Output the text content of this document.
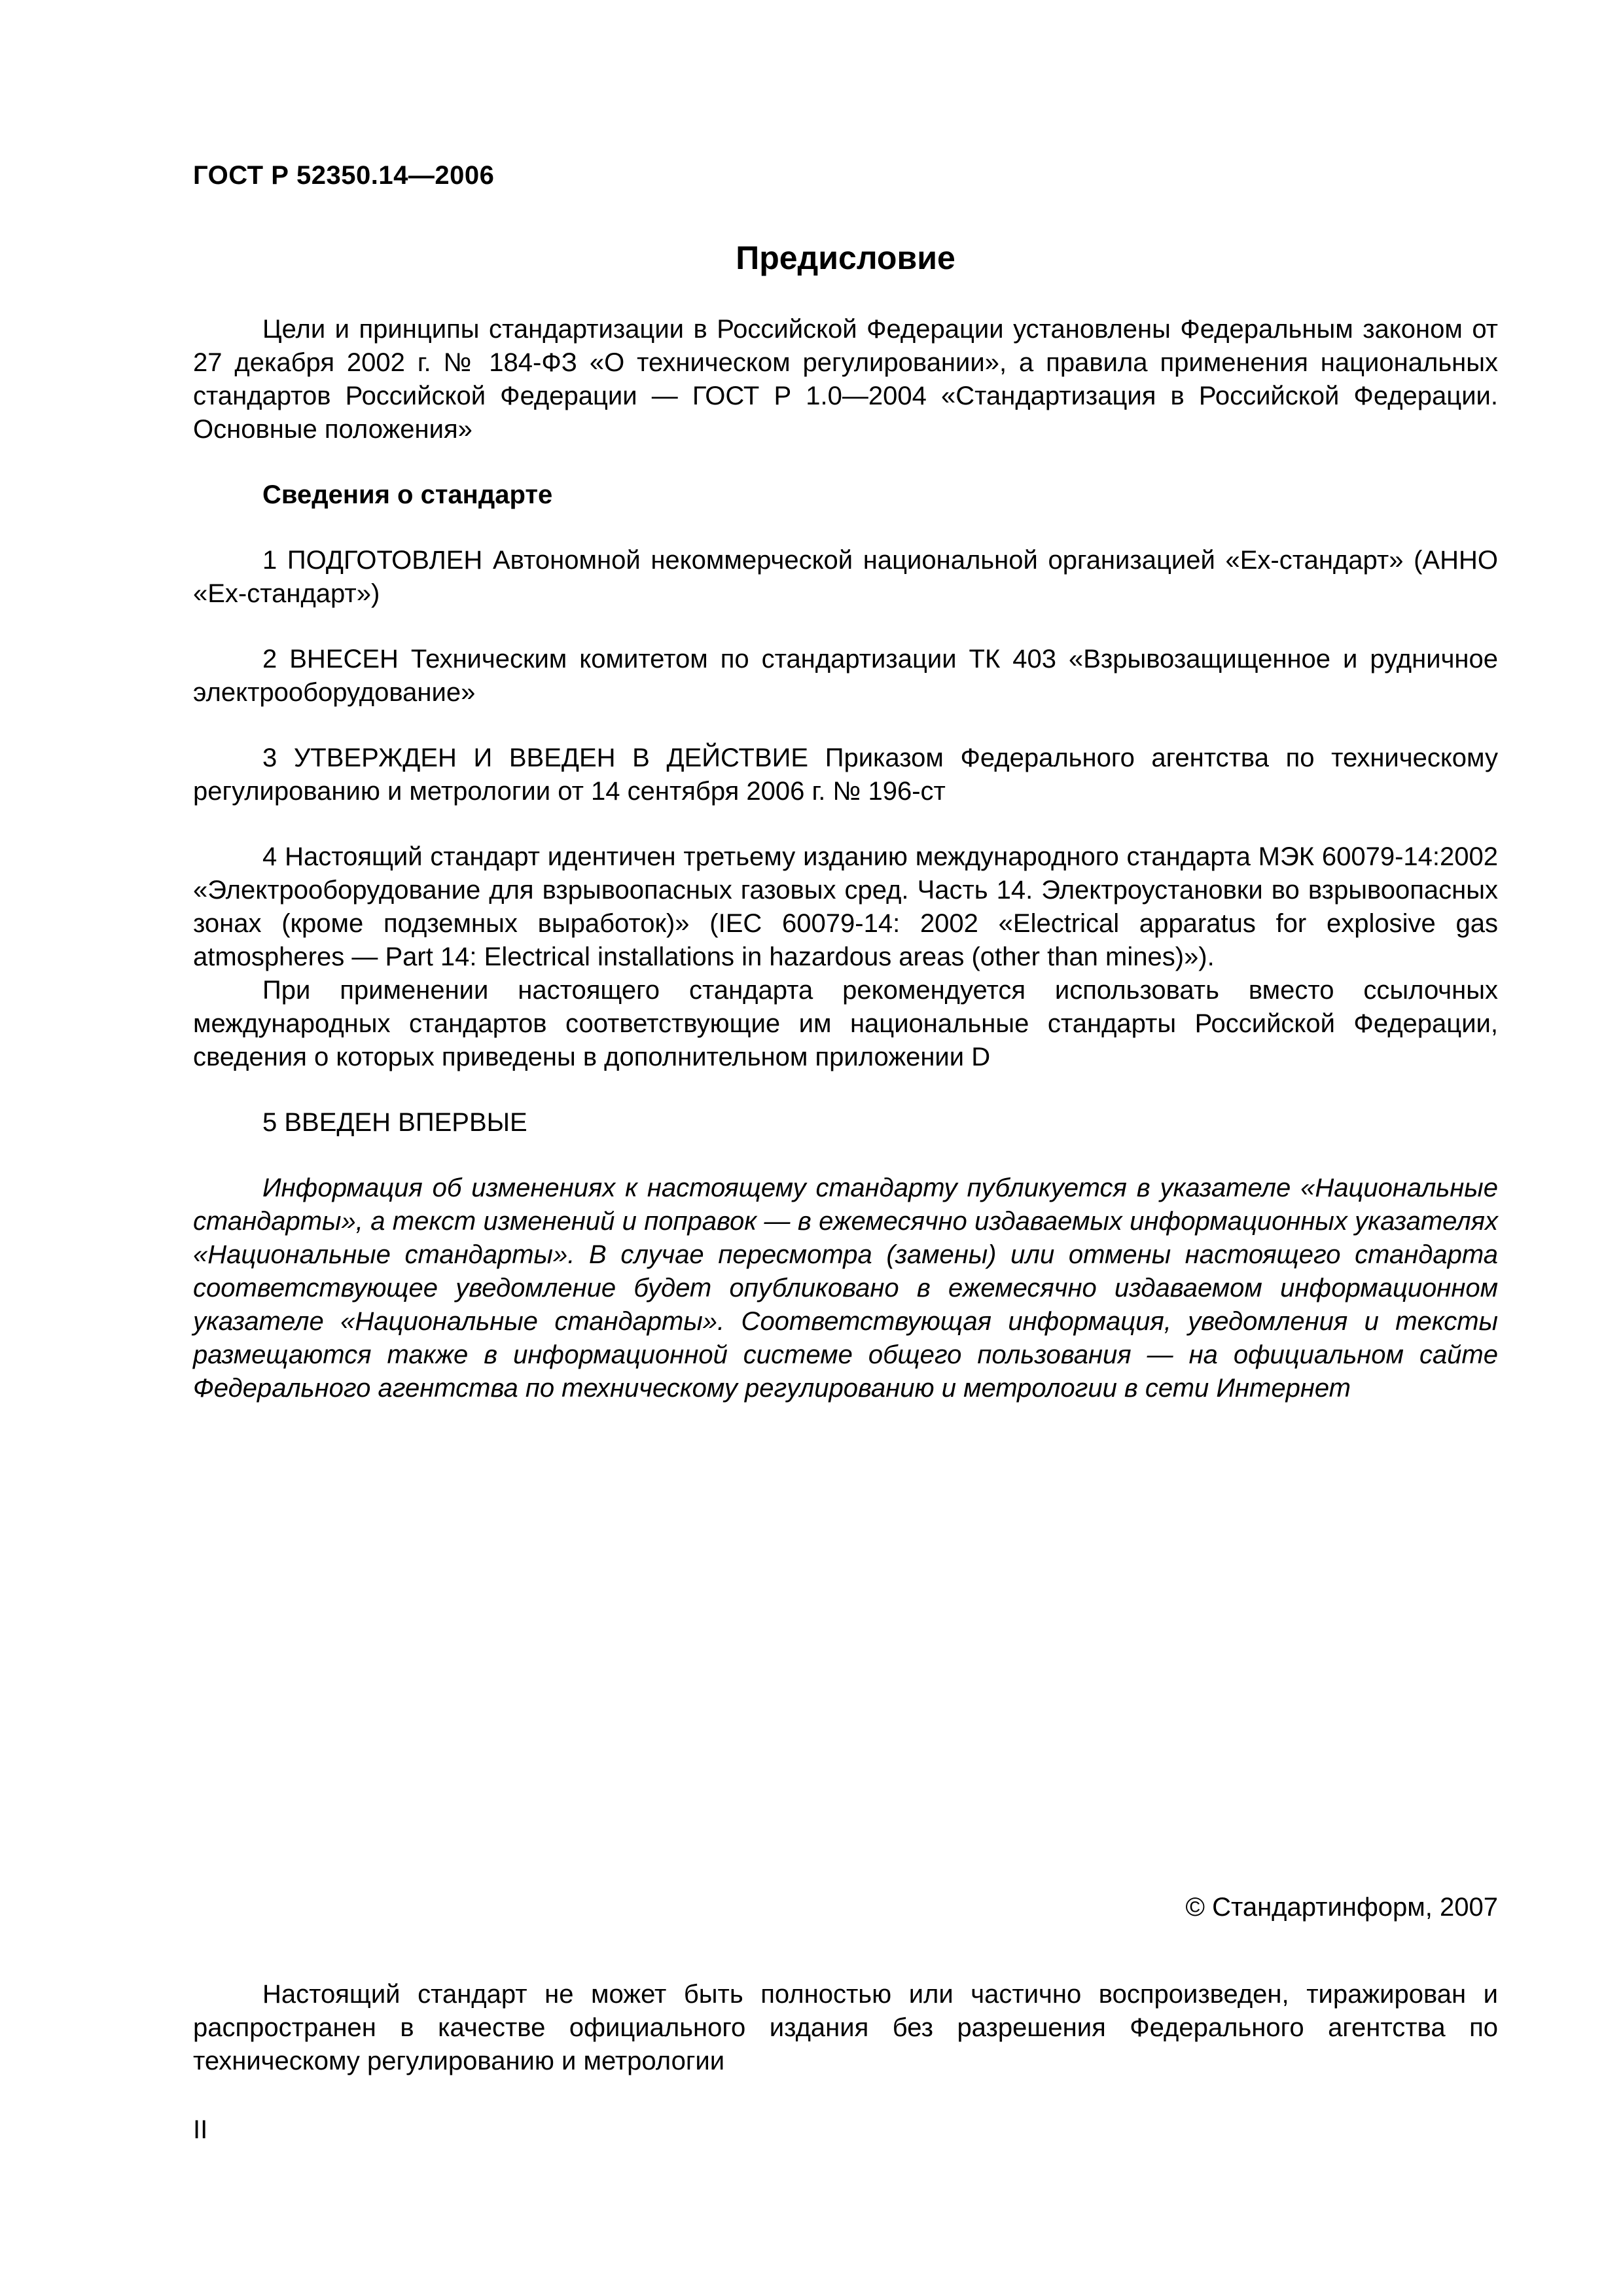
ГОСТ Р 52350.14—2006
Предисловие

Цели и принципы стандартизации в Российской Федерации установлены Федеральным законом от 27 декабря 2002 г. № 184-ФЗ «О техническом регулировании», а правила применения национальных стандартов Российской Федерации — ГОСТ Р 1.0—2004 «Стандартизация в Российской Федерации. Основные положения»

Сведения о стандарте

1 ПОДГОТОВЛЕН Автономной некоммерческой национальной организацией «Ех-стандарт» (АННО «Ех-стандарт»)

2 ВНЕСЕН Техническим комитетом по стандартизации ТК 403 «Взрывозащищенное и рудничное электрооборудование»

3 УТВЕРЖДЕН И ВВЕДЕН В ДЕЙСТВИЕ Приказом Федерального агентства по техническому регулированию и метрологии от 14 сентября 2006 г. № 196-ст

4 Настоящий стандарт идентичен третьему изданию международного стандарта МЭК 60079-14:2002 «Электрооборудование для взрывоопасных газовых сред. Часть 14. Электроустановки во взрывоопасных зонах (кроме подземных выработок)» (IEC 60079-14: 2002 «Electrical apparatus for explosive gas atmospheres — Part 14: Electrical installations in hazardous areas (other than mines)»).

При применении настоящего стандарта рекомендуется использовать вместо ссылочных международных стандартов соответствующие им национальные стандарты Российской Федерации, сведения о которых приведены в дополнительном приложении D

5 ВВЕДЕН ВПЕРВЫЕ

Информация об изменениях к настоящему стандарту публикуется в указателе «Национальные стандарты», а текст изменений и поправок — в ежемесячно издаваемых информационных указателях «Национальные стандарты». В случае пересмотра (замены) или отмены настоящего стандарта соответствующее уведомление будет опубликовано в ежемесячно издаваемом информационном указателе «Национальные стандарты». Соответствующая информация, уведомления и тексты размещаются также в информационной системе общего пользования — на официальном сайте Федерального агентства по техническому регулированию и метрологии в сети Интернет

© Стандартинформ, 2007

Настоящий стандарт не может быть полностью или частично воспроизведен, тиражирован и распространен в качестве официального издания без разрешения Федерального агентства по техническому регулированию и метрологии

II
